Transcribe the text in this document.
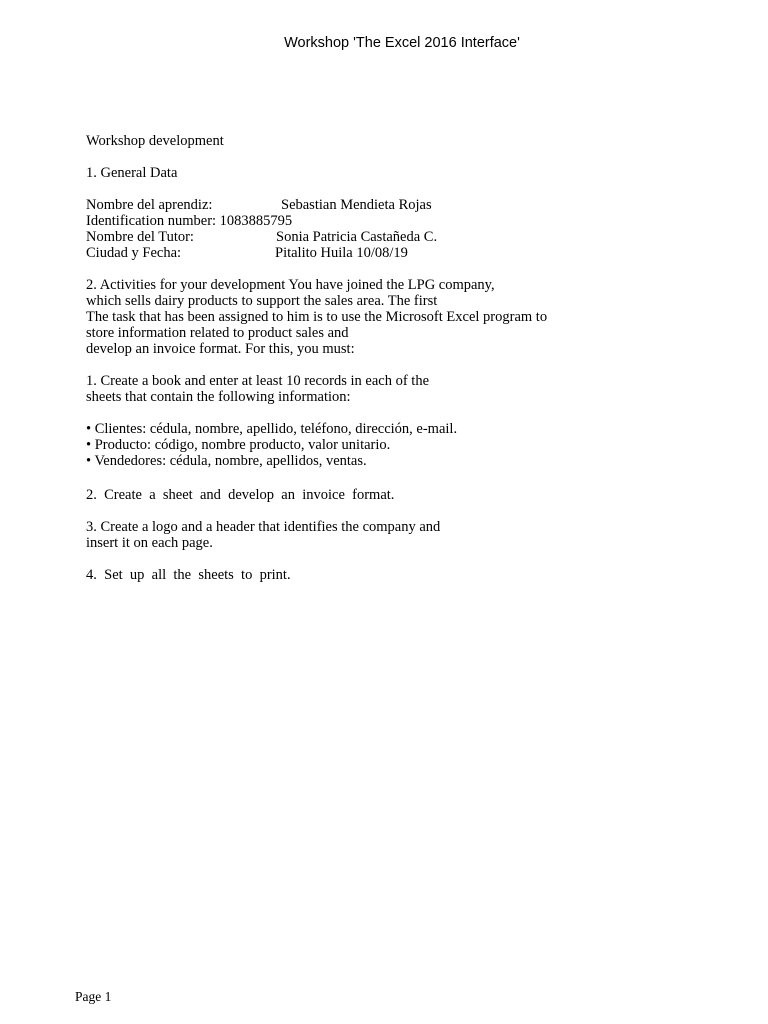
Workshop 'The Excel 2016 Interface'
Workshop development
1. General Data
Nombre del aprendiz:	Sebastian Mendieta Rojas
Identification number: 1083885795
Nombre del Tutor:	Sonia Patricia Castañeda C.
Ciudad y Fecha:	Pitalito Huila 10/08/19
2. Activities for your development You have joined the LPG company,
which sells dairy products to support the sales area. The first
The task that has been assigned to him is to use the Microsoft Excel program to
store information related to product sales and
develop an invoice format. For this, you must:
1. Create a book and enter at least 10 records in each of the
sheets that contain the following information:
• Clientes: cédula, nombre, apellido, teléfono, dirección, e-mail.
• Producto: código, nombre producto, valor unitario.
• Vendedores: cédula, nombre, apellidos, ventas.
2.  Create  a  sheet  and  develop  an  invoice  format.
3. Create a logo and a header that identifies the company and
insert it on each page.
4.  Set  up  all  the  sheets  to  print.
Page 1
